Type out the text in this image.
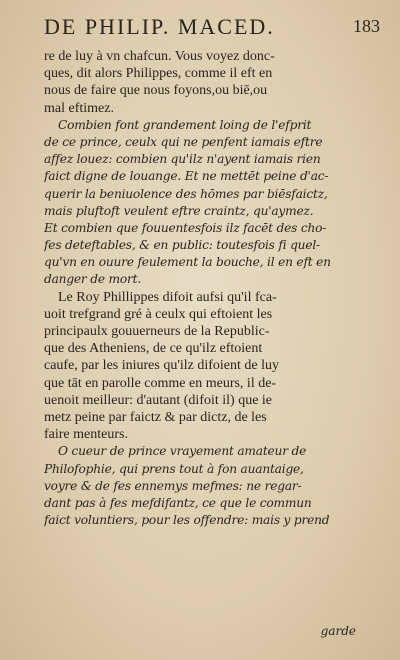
DE PHILIP. MACED.	183
re de luy à vn chafcun. Vous voyez donc-
ques, dit alors Philippes, comme il eft en
nous de faire que nous foyons,ou biē,ou
mal eftimez.
Combien font grandement loing de l'efprit
de ce prince, ceulx qui ne penfent iamais eftre
affez louez: combien qu'ilz n'ayent iamais rien
faict digne de louange. Et ne mettēt peine d'ac-
querir la beniuolence des hōmes par biēsfaictz,
mais pluftoft veulent eftre craintz, qu'aymez.
Et combien que fouuentesfois ilz facēt des cho-
fes deteftables, & en public: toutesfois fi quel-
qu'vn en ouure feulement la bouche, il en eft en
danger de mort.
Le Roy Phillippes difoit aufsi qu'il fca-
uoit trefgrand gré à ceulx qui eftoient les
principaulx gouuerneurs de la Republic-
que des Atheniens, de ce qu'ilz eftoient
caufe, par les iniures qu'ilz difoient de luy
que tāt en parolle comme en meurs, il de-
uenoit meilleur: d'autant (difoit il) que ie
metz peine par faictz & par dictz, de les
faire menteurs.
O cueur de prince vrayement amateur de
Philofophie, qui prens tout à fon auantaige,
voyre & de fes ennemys mefmes: ne regar-
dant pas à fes mefdifantz, ce que le commun
faict voluntiers, pour les offendre: mais y prend
garde
